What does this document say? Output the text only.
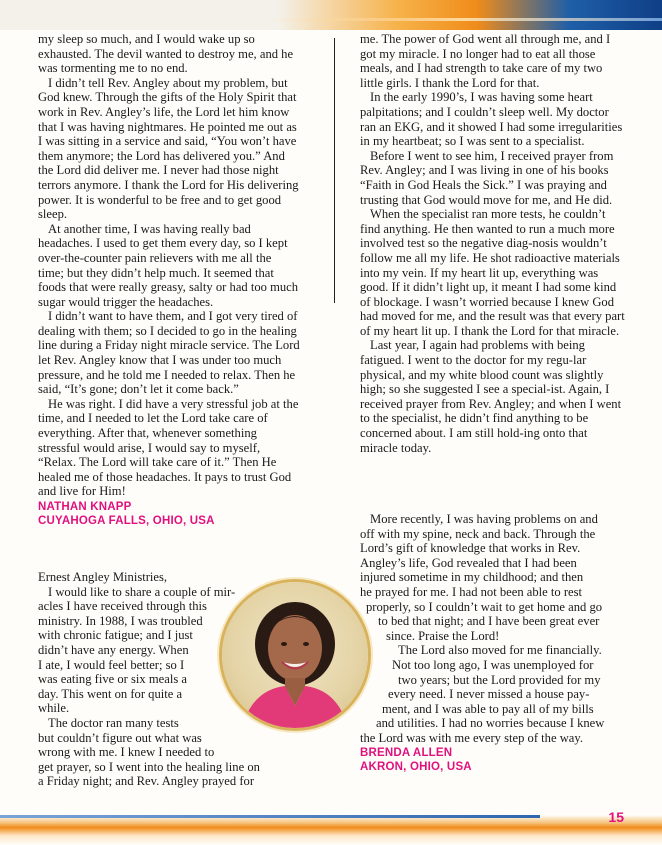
my sleep so much, and I would wake up so exhausted. The devil wanted to destroy me, and he was tormenting me to no end.

I didn’t tell Rev. Angley about my problem, but God knew. Through the gifts of the Holy Spirit that work in Rev. Angley’s life, the Lord let him know that I was having nightmares. He pointed me out as I was sitting in a service and said, “You won’t have them anymore; the Lord has delivered you.” And the Lord did deliver me. I never had those night terrors anymore. I thank the Lord for His delivering power. It is wonderful to be free and to get good sleep.

At another time, I was having really bad headaches. I used to get them every day, so I kept over-the-counter pain relievers with me all the time; but they didn’t help much. It seemed that foods that were really greasy, salty or had too much sugar would trigger the headaches.

I didn’t want to have them, and I got very tired of dealing with them; so I decided to go in the healing line during a Friday night miracle service. The Lord let Rev. Angley know that I was under too much pressure, and he told me I needed to relax. Then he said, “It’s gone; don’t let it come back.”

He was right. I did have a very stressful job at the time, and I needed to let the Lord take care of everything. After that, whenever something stressful would arise, I would say to myself, “Relax. The Lord will take care of it.” Then He healed me of those headaches. It pays to trust God and live for Him!

NATHAN KNAPP
CUYAHOGA FALLS, OHIO, USA
Ernest Angley Ministries,
I would like to share a couple of mir-
acles I have received through this
ministry. In 1988, I was troubled
with chronic fatigue; and I just
didn’t have any energy. When
I ate, I would feel better; so I
was eating five or six meals a
day. This went on for quite a
while.
The doctor ran many tests
but couldn’t figure out what was
wrong with me. I knew I needed to
get prayer, so I went into the healing line on
a Friday night; and Rev. Angley prayed for

me. The power of God went all through me, and I got my miracle. I no longer had to eat all those meals, and I had strength to take care of my two little girls. I thank the Lord for that.

In the early 1990’s, I was having some heart palpitations; and I couldn’t sleep well. My doctor ran an EKG, and it showed I had some irregularities in my heartbeat; so I was sent to a specialist.

Before I went to see him, I received prayer from Rev. Angley; and I was living in one of his books “Faith in God Heals the Sick.” I was praying and trusting that God would move for me, and He did.

When the specialist ran more tests, he couldn’t find anything. He then wanted to run a much more involved test so the negative diag-nosis wouldn’t follow me all my life. He shot radioactive materials into my vein. If my heart lit up, everything was good. If it didn’t light up, it meant I had some kind of blockage. I wasn’t worried because I knew God had moved for me, and the result was that every part of my heart lit up. I thank the Lord for that miracle.

Last year, I again had problems with being fatigued. I went to the doctor for my regu-lar physical, and my white blood count was slightly high; so she suggested I see a special-ist. Again, I received prayer from Rev. Angley; and when I went to the specialist, he didn’t find anything to be concerned about. I am still hold-ing onto that miracle today.

More recently, I was having problems on and
off with my spine, neck and back. Through the
Lord’s gift of knowledge that works in Rev.
Angley’s life, God revealed that I had been
injured sometime in my childhood; and then
he prayed for me. I had not been able to rest
properly, so I couldn’t wait to get home and go
to bed that night; and I have been great ever
since. Praise the Lord!
The Lord also moved for me financially.
Not too long ago, I was unemployed for
two years; but the Lord provided for my
every need. I never missed a house pay-
ment, and I was able to pay all of my bills
and utilities. I had no worries because I knew
the Lord was with me every step of the way.
BRENDA ALLEN
AKRON, OHIO, USA
15
